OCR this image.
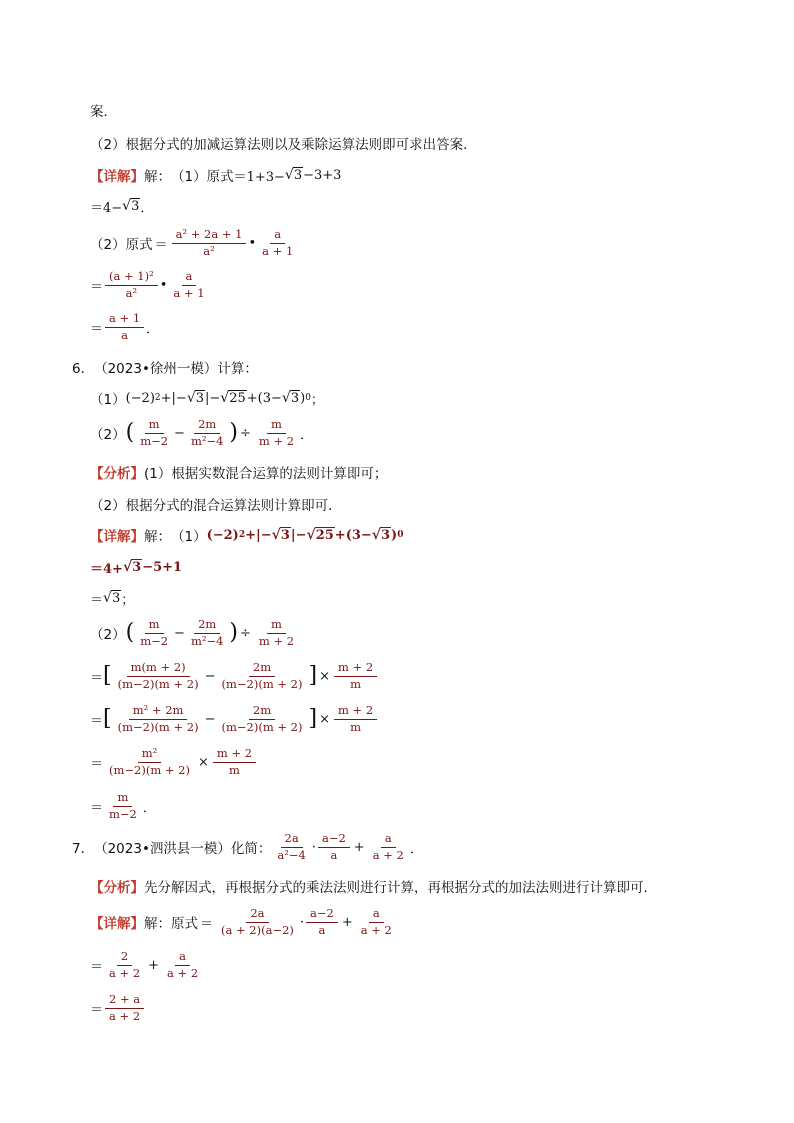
案．
（2）根据分式的加减运算法则以及乘除运算法则即可求出答案．
【详解】 解： （1） 原式 ＝1+3− √ 3 −3+3
＝4− √ 3 ．
（2） 原式 ＝ $\frac{\text{a² + 2a + 1}}{\text{a²}}$ • $\frac{a}{a + 1}$
＝ $\frac{\text{(a + 1)²}}{\text{a²}}$ • $\frac{a}{a + 1}$
＝ $\frac{a + 1}{a}$ ．
6． （2023•徐州一模）计算：
（1） (−2) 2 +|− √ 3 |− √ 25 +(3− √ 3 ) 0 ；
（2） ( $\frac{m}{m-2} - \frac{2m}{\text{m²−4}}$ ) ÷ $\frac{m}{m + 2}$ ．
【分析】 (1）根据实数混合运算的法则计算即可；
（2）根据分式的混合运算法则计算即可．
【详解】 解： （1） (−2) 2 +|− √ 3 |− √ 25 +(3− √ 3 ) 0
＝4+ √ 3 −5+1
＝ √ 3 ；
（2） ( $\frac{m}{m-2} - \frac{2m}{\text{m²−4}}$ ) ÷ $\frac{m}{m + 2}$
＝ [ $\frac{m(m + 2)}{(m-2)(m + 2)} - \frac{2m}{(m-2)(m + 2)}$ ] × $\frac{m + 2}{m}$
＝ [ $\frac{\text{m² + 2m}}{(m-2)(m + 2)} - \frac{2m}{(m-2)(m + 2)}$ ] × $\frac{m + 2}{m}$
＝ $\frac{\text{m²}}{(m-2)(m + 2)} \times \frac{m + 2}{m}$
＝ $\frac{m}{m-2}$ ．
7． （2023•泗洪县一模）化简： $\frac{2a}{\text{a²−4}} \cdot \frac{a-2}{a} + \frac{a}{a + 2}$ ．
【分析】 先分解因式，再根据分式的乘法法则进行计算，再根据分式的加法法则进行计算即可．
【详解】 解： 原式 ＝ $\frac{2a}{(a + 2)(a-2)} \cdot \frac{a-2}{a} + \frac{a}{a + 2}$
＝ $\frac{2}{a + 2} + \frac{a}{a + 2}$
＝ $\frac{2 + a}{a + 2}$
